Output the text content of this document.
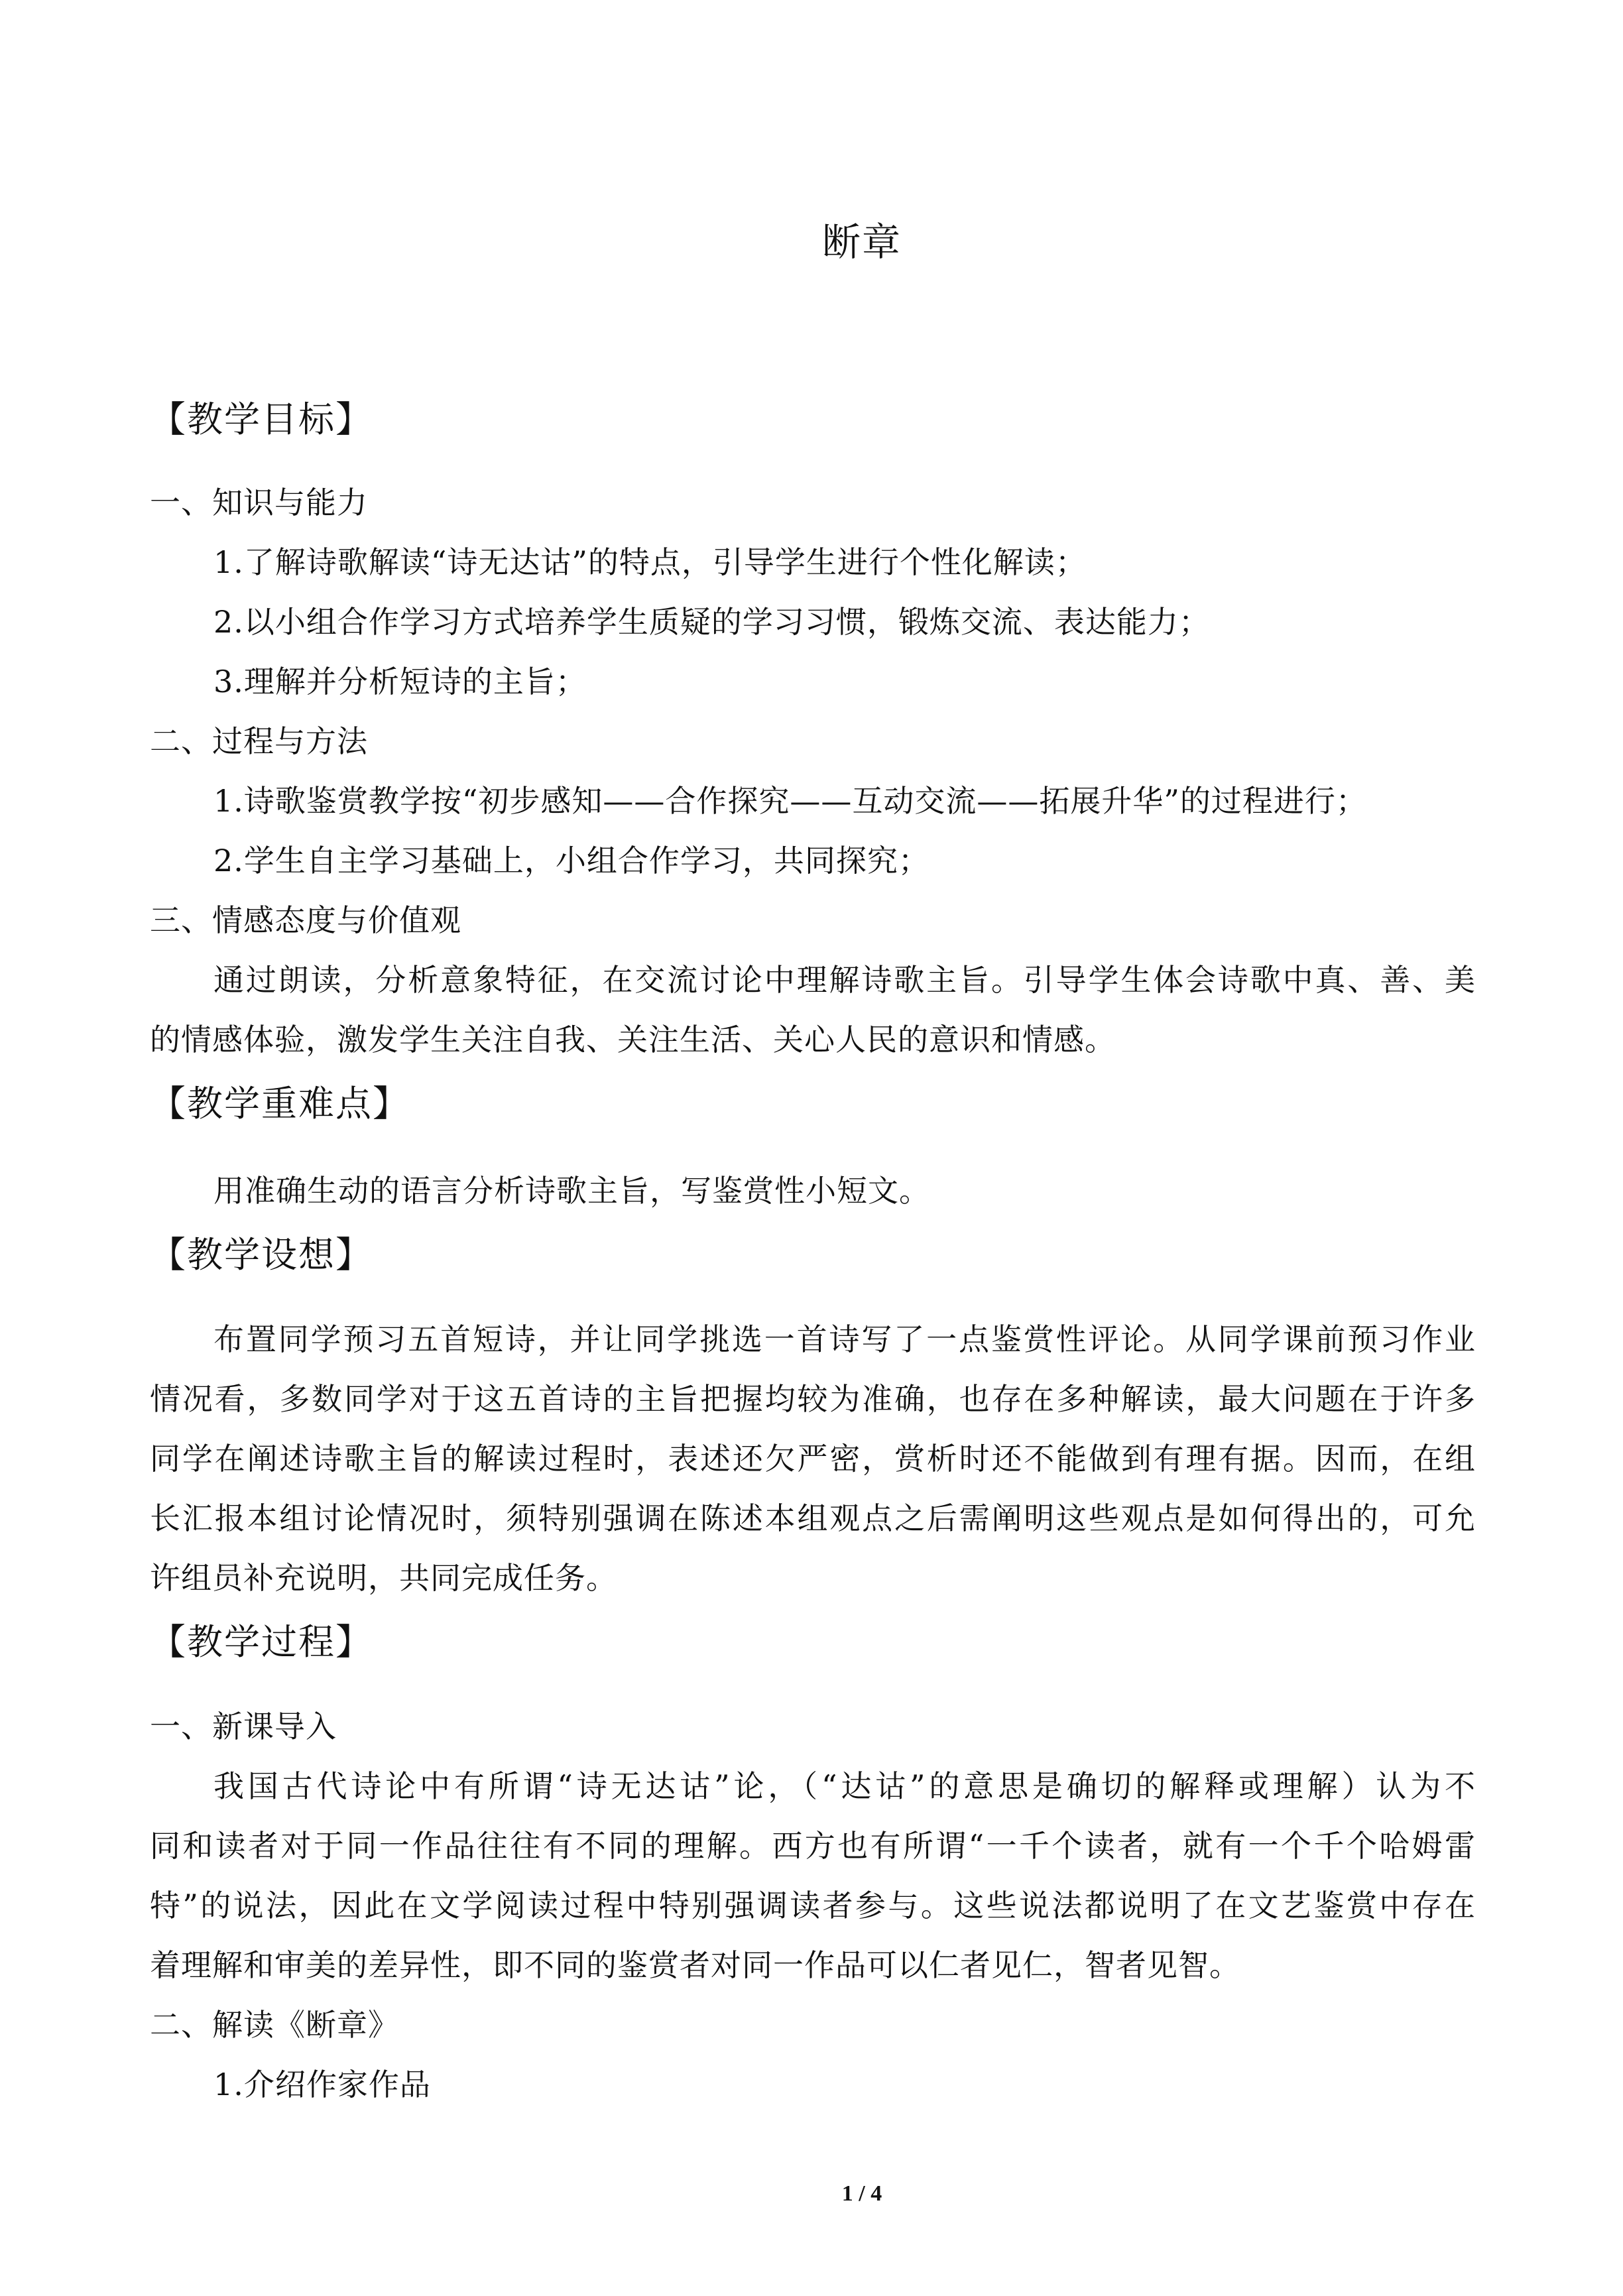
断章
【教学目标】
一、知识与能力
1.了解诗歌解读“诗无达诂”的特点，引导学生进行个性化解读；
2.以小组合作学习方式培养学生质疑的学习习惯，锻炼交流、表达能力；
3.理解并分析短诗的主旨；
二、过程与方法
1.诗歌鉴赏教学按“初步感知——合作探究——互动交流——拓展升华”的过程进行；
2.学生自主学习基础上，小组合作学习，共同探究；
三、情感态度与价值观
通过朗读，分析意象特征，在交流讨论中理解诗歌主旨。引导学生体会诗歌中真、善、美
的情感体验，激发学生关注自我、关注生活、关心人民的意识和情感。
【教学重难点】
用准确生动的语言分析诗歌主旨，写鉴赏性小短文。
【教学设想】
布置同学预习五首短诗，并让同学挑选一首诗写了一点鉴赏性评论。从同学课前预习作业
情况看，多数同学对于这五首诗的主旨把握均较为准确，也存在多种解读，最大问题在于许多
同学在阐述诗歌主旨的解读过程时，表述还欠严密，赏析时还不能做到有理有据。因而，在组
长汇报本组讨论情况时，须特别强调在陈述本组观点之后需阐明这些观点是如何得出的，可允
许组员补充说明，共同完成任务。
【教学过程】
一、新课导入
我国古代诗论中有所谓“诗无达诂”论，（“达诂”的意思是确切的解释或理解）认为不
同和读者对于同一作品往往有不同的理解。西方也有所谓“一千个读者，就有一个千个哈姆雷
特”的说法，因此在文学阅读过程中特别强调读者参与。这些说法都说明了在文艺鉴赏中存在
着理解和审美的差异性，即不同的鉴赏者对同一作品可以仁者见仁，智者见智。
二、解读《断章》
1.介绍作家作品
1 / 4
